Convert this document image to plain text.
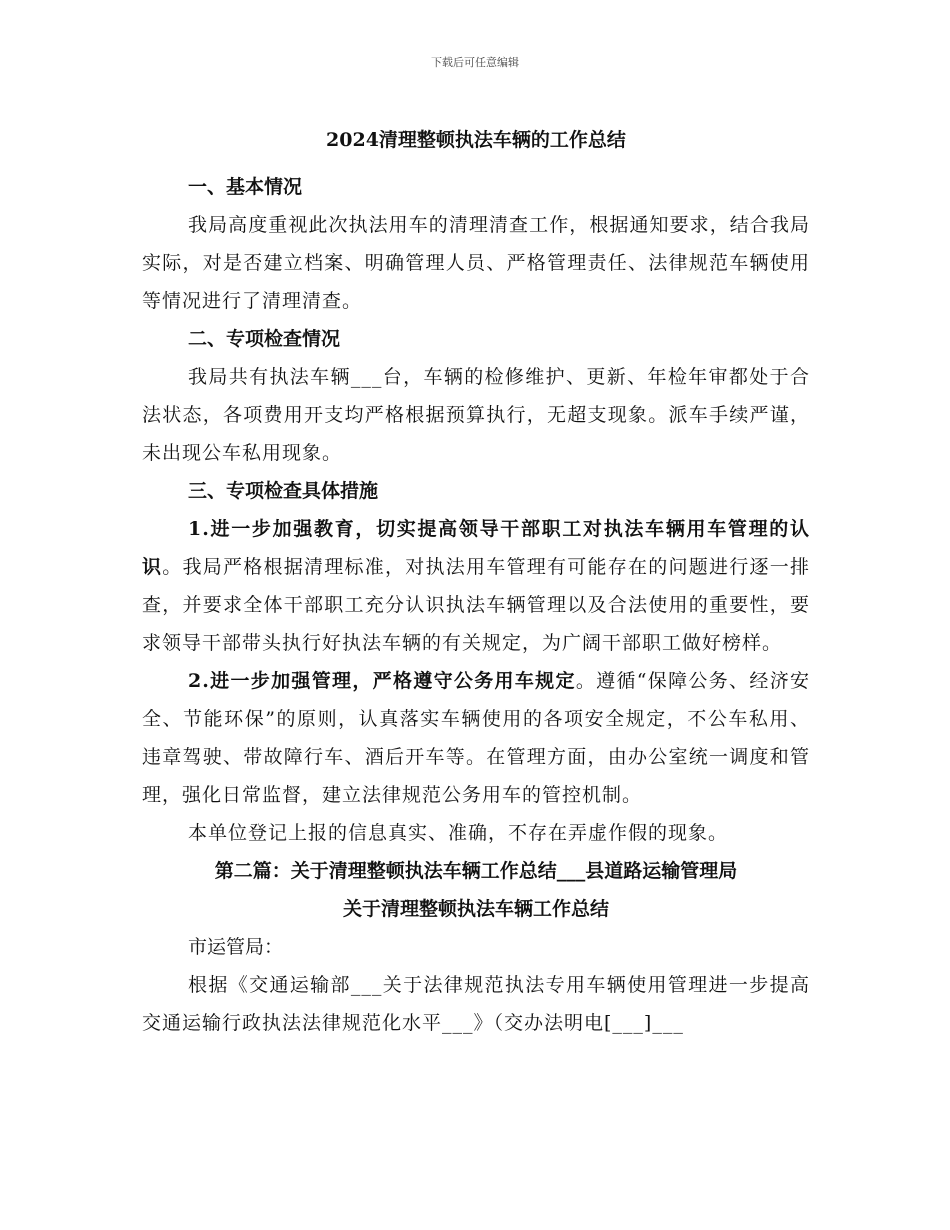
下载后可任意编辑
2024清理整顿执法车辆的工作总结

一、基本情况

我局高度重视此次执法用车的清理清查工作，根据通知要求，结合我局实际，对是否建立档案、明确管理人员、严格管理责任、法律规范车辆使用等情况进行了清理清查。

二、专项检查情况

我局共有执法车辆___台，车辆的检修维护、更新、年检年审都处于合法状态，各项费用开支均严格根据预算执行，无超支现象。派车手续严谨，未出现公车私用现象。

三、专项检查具体措施

1.进一步加强教育，切实提高领导干部职工对执法车辆用车管理的认识。我局严格根据清理标准，对执法用车管理有可能存在的问题进行逐一排查，并要求全体干部职工充分认识执法车辆管理以及合法使用的重要性，要求领导干部带头执行好执法车辆的有关规定，为广阔干部职工做好榜样。

2.进一步加强管理，严格遵守公务用车规定。遵循“保障公务、经济安全、节能环保”的原则，认真落实车辆使用的各项安全规定，不公车私用、违章驾驶、带故障行车、酒后开车等。在管理方面，由办公室统一调度和管理，强化日常监督，建立法律规范公务用车的管控机制。

本单位登记上报的信息真实、准确，不存在弄虚作假的现象。

第二篇：关于清理整顿执法车辆工作总结___县道路运输管理局

关于清理整顿执法车辆工作总结

市运管局：

根据《交通运输部___关于法律规范执法专用车辆使用管理进一步提高交通运输行政执法法律规范化水平___》（交办法明电[___]___
